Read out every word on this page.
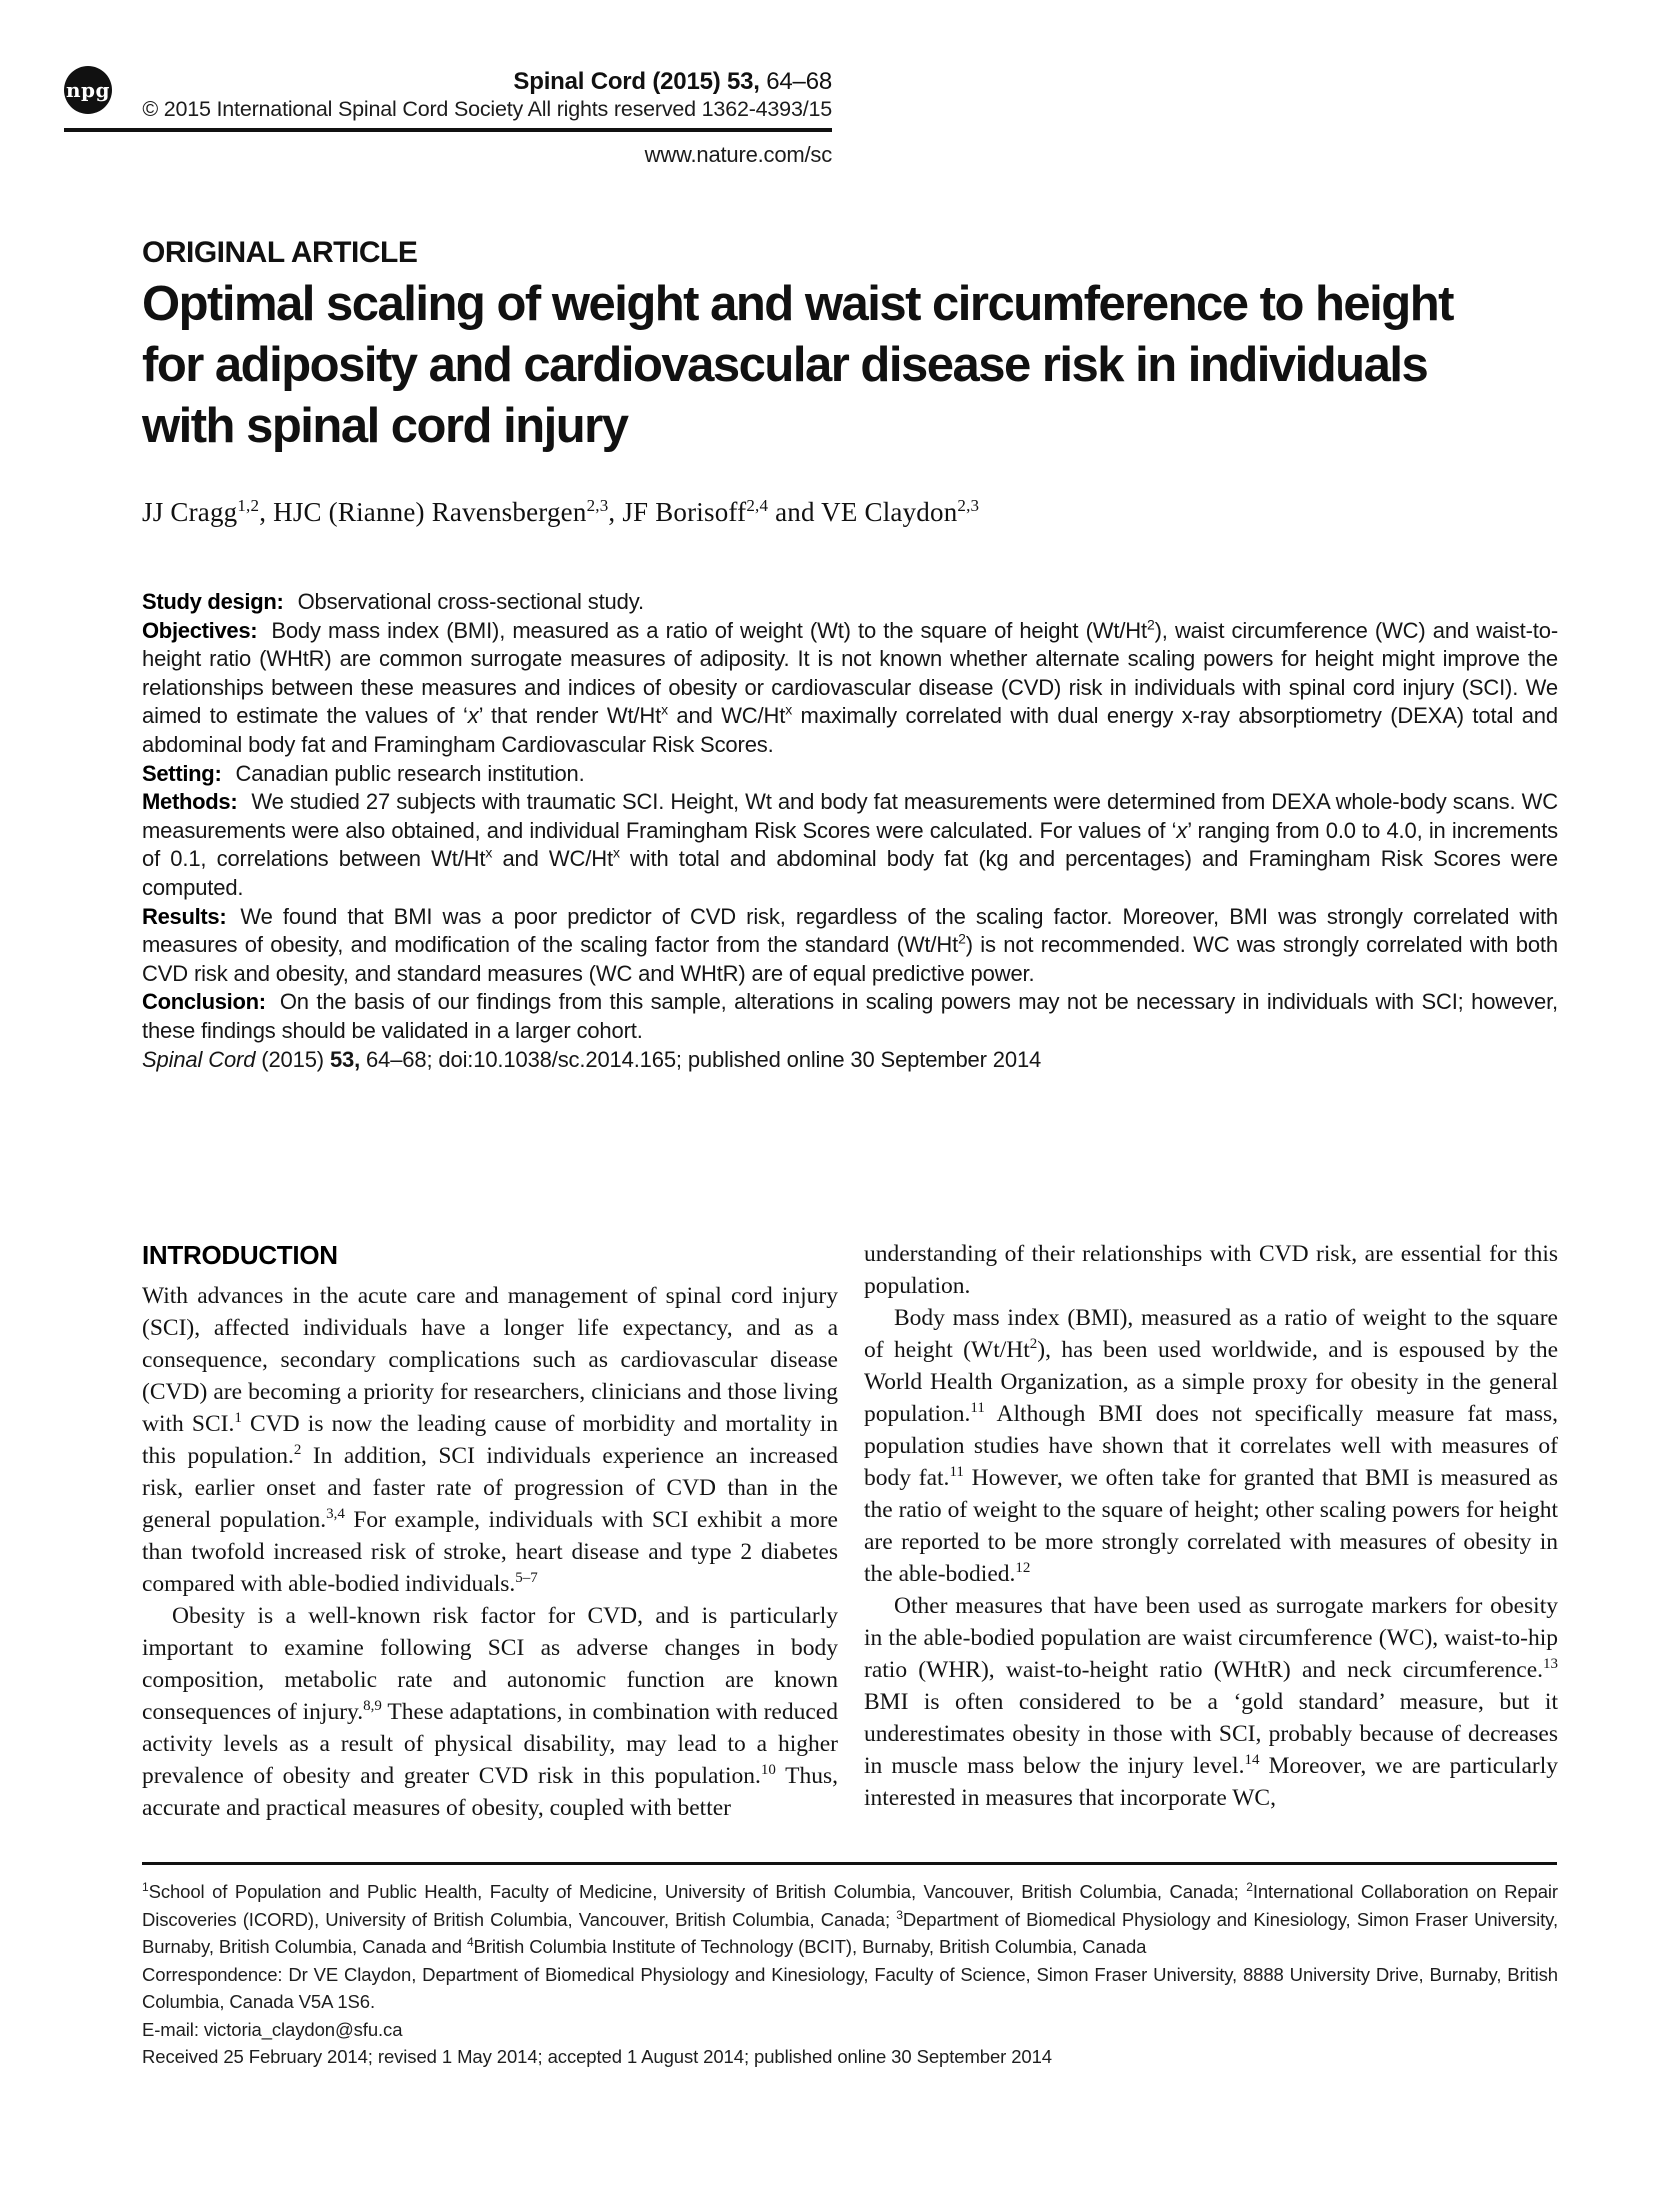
npg	Spinal Cord (2015) 53, 64–68
© 2015 International Spinal Cord Society All rights reserved 1362-4393/15
www.nature.com/sc
ORIGINAL ARTICLE
Optimal scaling of weight and waist circumference to height
for adiposity and cardiovascular disease risk in individuals
with spinal cord injury
JJ Cragg$^{1,2}$, HJC (Rianne) Ravensbergen$^{2,3}$, JF Borisoff$^{2,4}$ and VE Claydon$^{2,3}$

Study design: Observational cross-sectional study.

Objectives: Body mass index (BMI), measured as a ratio of weight (Wt) to the square of height (Wt/Ht$^2$), waist circumference (WC) and waist-to-height ratio (WHtR) are common surrogate measures of adiposity. It is not known whether alternate scaling powers for height might improve the relationships between these measures and indices of obesity or cardiovascular disease (CVD) risk in individuals with spinal cord injury (SCI). We aimed to estimate the values of ‘x’ that render Wt/Ht$^x$ and WC/Ht$^x$ maximally correlated with dual energy x-ray absorptiometry (DEXA) total and abdominal body fat and Framingham Cardiovascular Risk Scores.

Setting: Canadian public research institution.

Methods: We studied 27 subjects with traumatic SCI. Height, Wt and body fat measurements were determined from DEXA whole-body scans. WC measurements were also obtained, and individual Framingham Risk Scores were calculated. For values of ‘x’ ranging from 0.0 to 4.0, in increments of 0.1, correlations between Wt/Ht$^x$ and WC/Ht$^x$ with total and abdominal body fat (kg and percentages) and Framingham Risk Scores were computed.

Results: We found that BMI was a poor predictor of CVD risk, regardless of the scaling factor. Moreover, BMI was strongly correlated with measures of obesity, and modification of the scaling factor from the standard (Wt/Ht$^2$) is not recommended. WC was strongly correlated with both CVD risk and obesity, and standard measures (WC and WHtR) are of equal predictive power.

Conclusion: On the basis of our findings from this sample, alterations in scaling powers may not be necessary in individuals with SCI; however, these findings should be validated in a larger cohort.

Spinal Cord (2015) 53, 64–68; doi:10.1038/sc.2014.165; published online 30 September 2014

INTRODUCTION

With advances in the acute care and management of spinal cord injury (SCI), affected individuals have a longer life expectancy, and as a consequence, secondary complications such as cardiovascular disease (CVD) are becoming a priority for researchers, clinicians and those living with SCI.$^1$ CVD is now the leading cause of morbidity and mortality in this population.$^2$ In addition, SCI individuals experience an increased risk, earlier onset and faster rate of progression of CVD than in the general population.$^{3,4}$ For example, individuals with SCI exhibit a more than twofold increased risk of stroke, heart disease and type 2 diabetes compared with able-bodied individuals.$^{5-7}$

Obesity is a well-known risk factor for CVD, and is particularly important to examine following SCI as adverse changes in body composition, metabolic rate and autonomic function are known consequences of injury.$^{8,9}$ These adaptations, in combination with reduced activity levels as a result of physical disability, may lead to a higher prevalence of obesity and greater CVD risk in this population.$^{10}$ Thus, accurate and practical measures of obesity, coupled with better

understanding of their relationships with CVD risk, are essential for this population.

Body mass index (BMI), measured as a ratio of weight to the square of height (Wt/Ht$^2$), has been used worldwide, and is espoused by the World Health Organization, as a simple proxy for obesity in the general population.$^{11}$ Although BMI does not specifically measure fat mass, population studies have shown that it correlates well with measures of body fat.$^{11}$ However, we often take for granted that BMI is measured as the ratio of weight to the square of height; other scaling powers for height are reported to be more strongly correlated with measures of obesity in the able-bodied.$^{12}$

Other measures that have been used as surrogate markers for obesity in the able-bodied population are waist circumference (WC), waist-to-hip ratio (WHR), waist-to-height ratio (WHtR) and neck circumference.$^{13}$ BMI is often considered to be a ‘gold standard’ measure, but it underestimates obesity in those with SCI, probably because of decreases in muscle mass below the injury level.$^{14}$ Moreover, we are particularly interested in measures that incorporate WC,

$^1$School of Population and Public Health, Faculty of Medicine, University of British Columbia, Vancouver, British Columbia, Canada; $^2$International Collaboration on Repair Discoveries (ICORD), University of British Columbia, Vancouver, British Columbia, Canada; $^3$Department of Biomedical Physiology and Kinesiology, Simon Fraser University, Burnaby, British Columbia, Canada and $^4$British Columbia Institute of Technology (BCIT), Burnaby, British Columbia, Canada

Correspondence: Dr VE Claydon, Department of Biomedical Physiology and Kinesiology, Faculty of Science, Simon Fraser University, 8888 University Drive, Burnaby, British Columbia, Canada V5A 1S6.

E-mail: victoria_claydon@sfu.ca

Received 25 February 2014; revised 1 May 2014; accepted 1 August 2014; published online 30 September 2014
